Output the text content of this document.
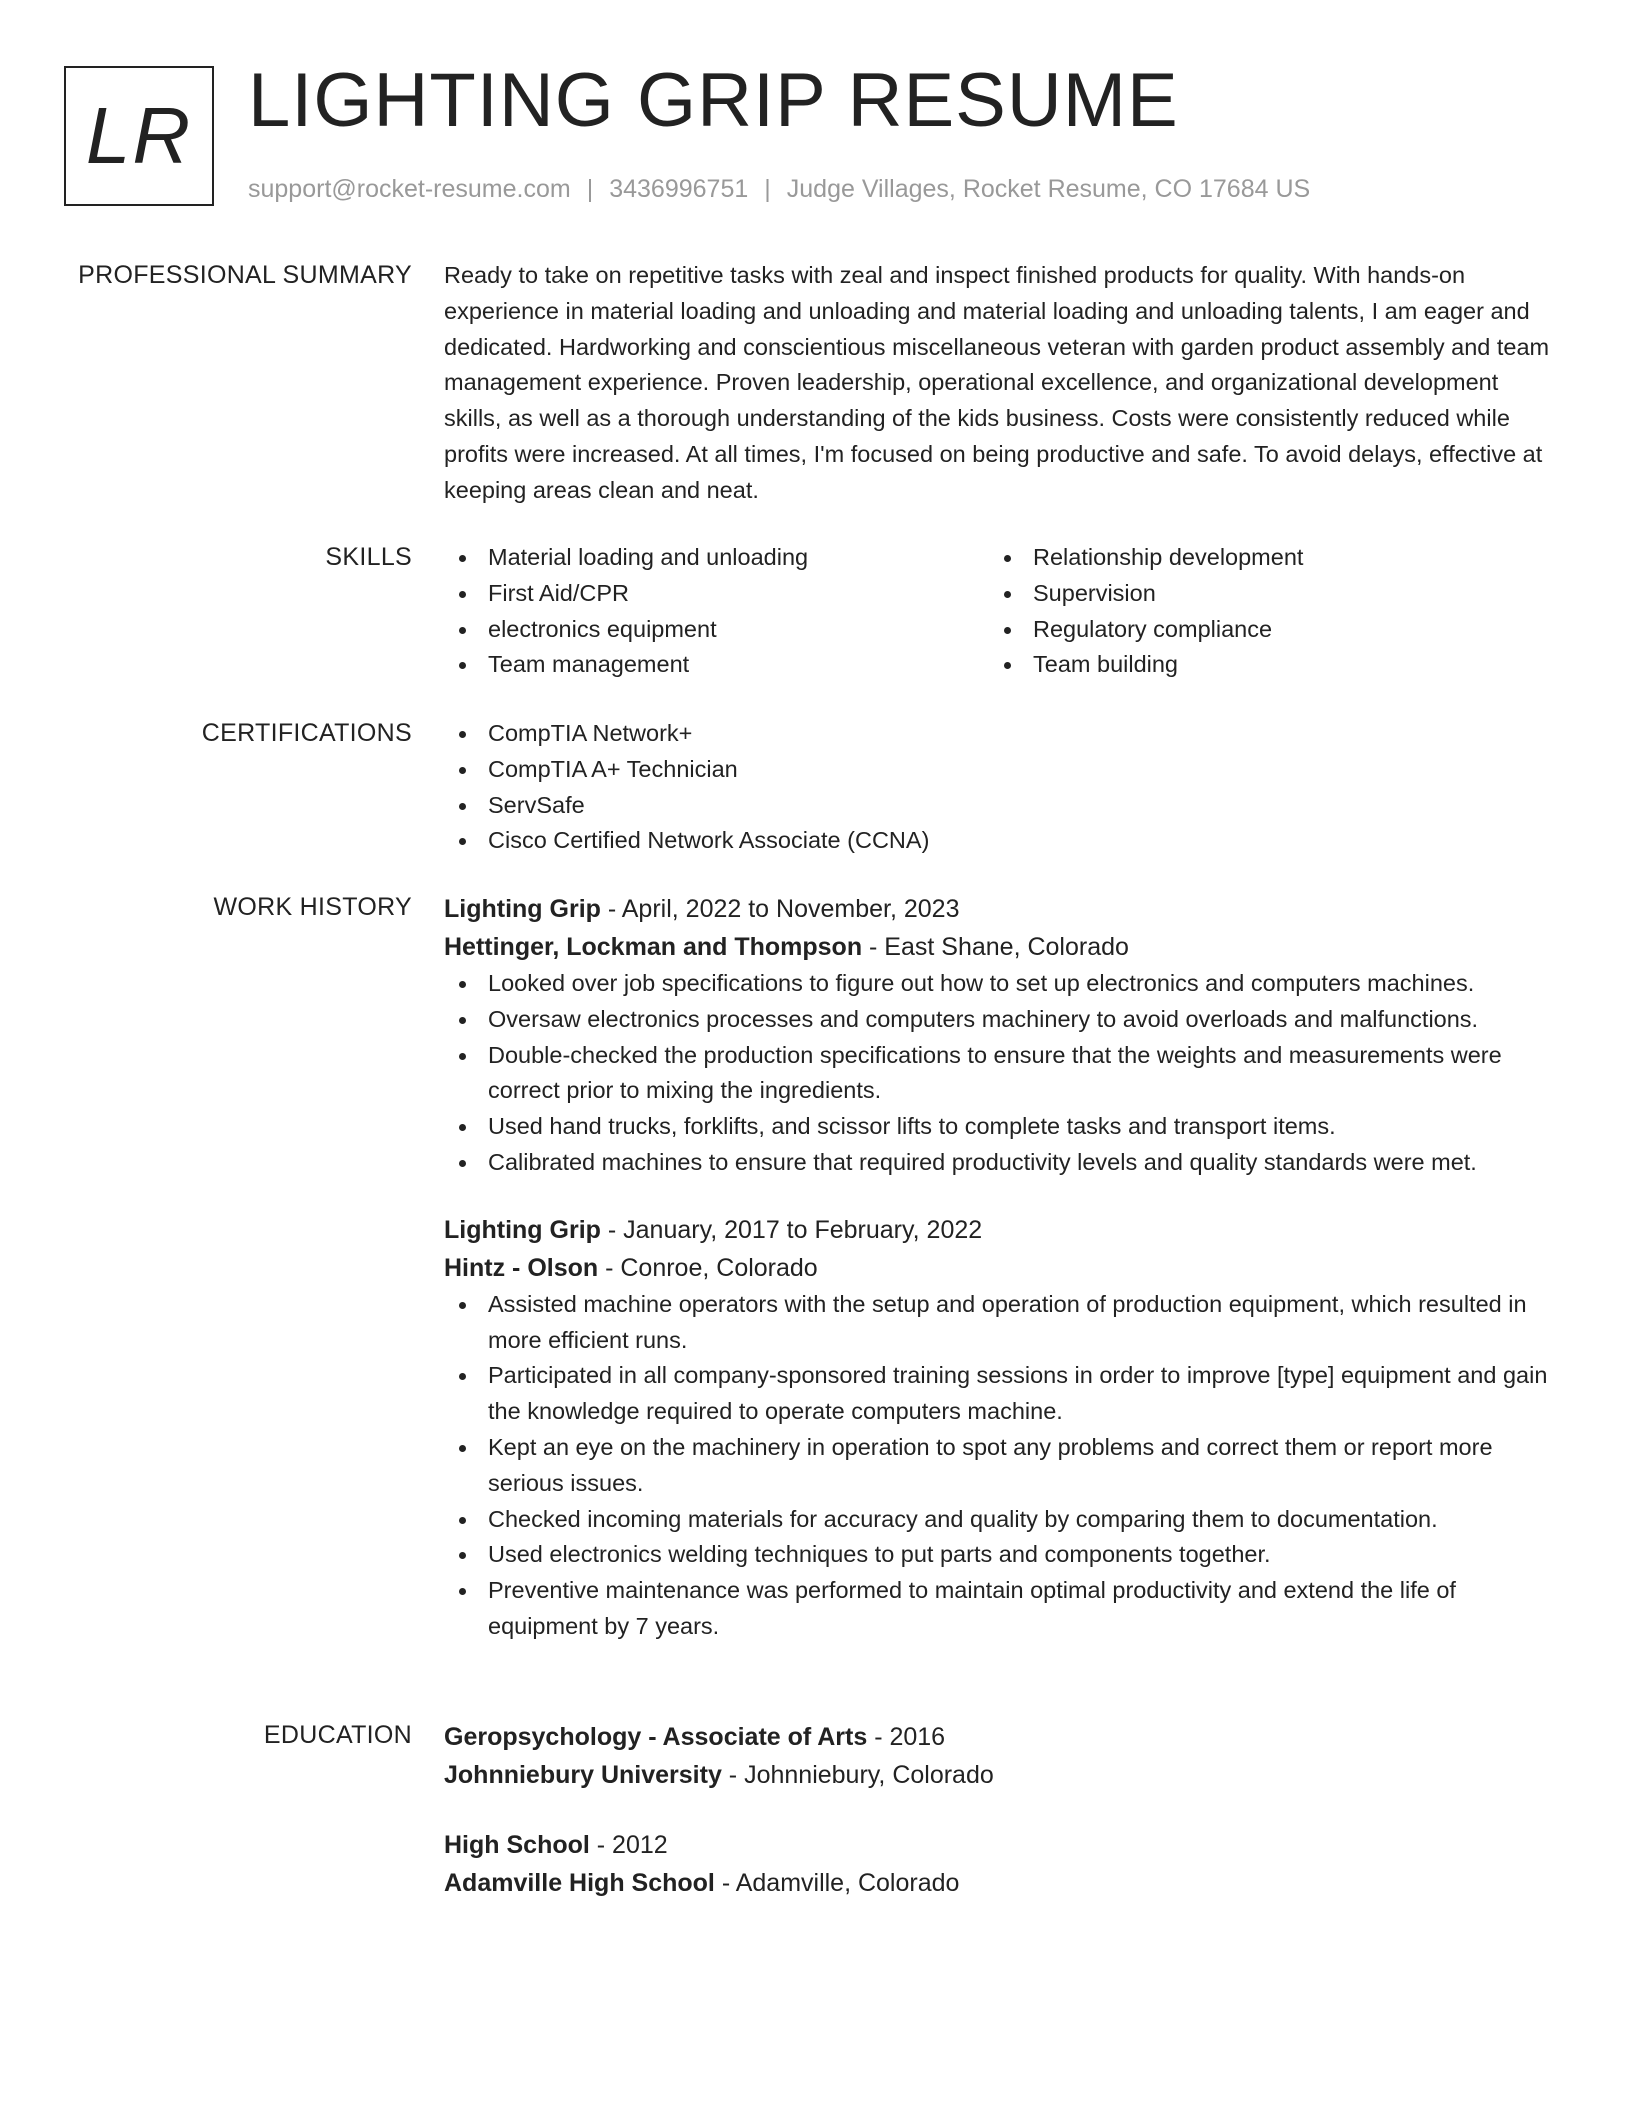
LR LIGHTING GRIP RESUME
support@rocket-resume.com | 3436996751 | Judge Villages, Rocket Resume, CO 17684 US
PROFESSIONAL SUMMARY Ready to take on repetitive tasks with zeal and inspect finished products for quality. With hands-on experience in material loading and unloading and material loading and unloading talents, I am eager and dedicated. Hardworking and conscientious miscellaneous veteran with garden product assembly and team management experience. Proven leadership, operational excellence, and organizational development skills, as well as a thorough understanding of the kids business. Costs were consistently reduced while profits were increased. At all times, I'm focused on being productive and safe. To avoid delays, effective at keeping areas clean and neat.

SKILLS	Material loading and unloading
First Aid/CPR
electronics equipment
Team management
Relationship development
Supervision
Regulatory compliance
Team building
CERTIFICATIONS	CompTIA Network+
CompTIA A+ Technician
ServSafe
Cisco Certified Network Associate (CCNA)
WORK HISTORY Lighting Grip - April, 2022 to November, 2023
Hettinger, Lockman and Thompson - East Shane, Colorado
Looked over job specifications to figure out how to set up electronics and computers machines.
Oversaw electronics processes and computers machinery to avoid overloads and malfunctions.
Double-checked the production specifications to ensure that the weights and measurements were correct prior to mixing the ingredients.
Used hand trucks, forklifts, and scissor lifts to complete tasks and transport items.
Calibrated machines to ensure that required productivity levels and quality standards were met.
Lighting Grip - January, 2017 to February, 2022
Hintz - Olson - Conroe, Colorado
Assisted machine operators with the setup and operation of production equipment, which resulted in more efficient runs.
Participated in all company-sponsored training sessions in order to improve [type] equipment and gain the knowledge required to operate computers machine.
Kept an eye on the machinery in operation to spot any problems and correct them or report more serious issues.
Checked incoming materials for accuracy and quality by comparing them to documentation.
Used electronics welding techniques to put parts and components together.
Preventive maintenance was performed to maintain optimal productivity and extend the life of equipment by 7 years.
EDUCATION Geropsychology - Associate of Arts - 2016
Johnniebury University - Johnniebury, Colorado
High School - 2012
Adamville High School - Adamville, Colorado
